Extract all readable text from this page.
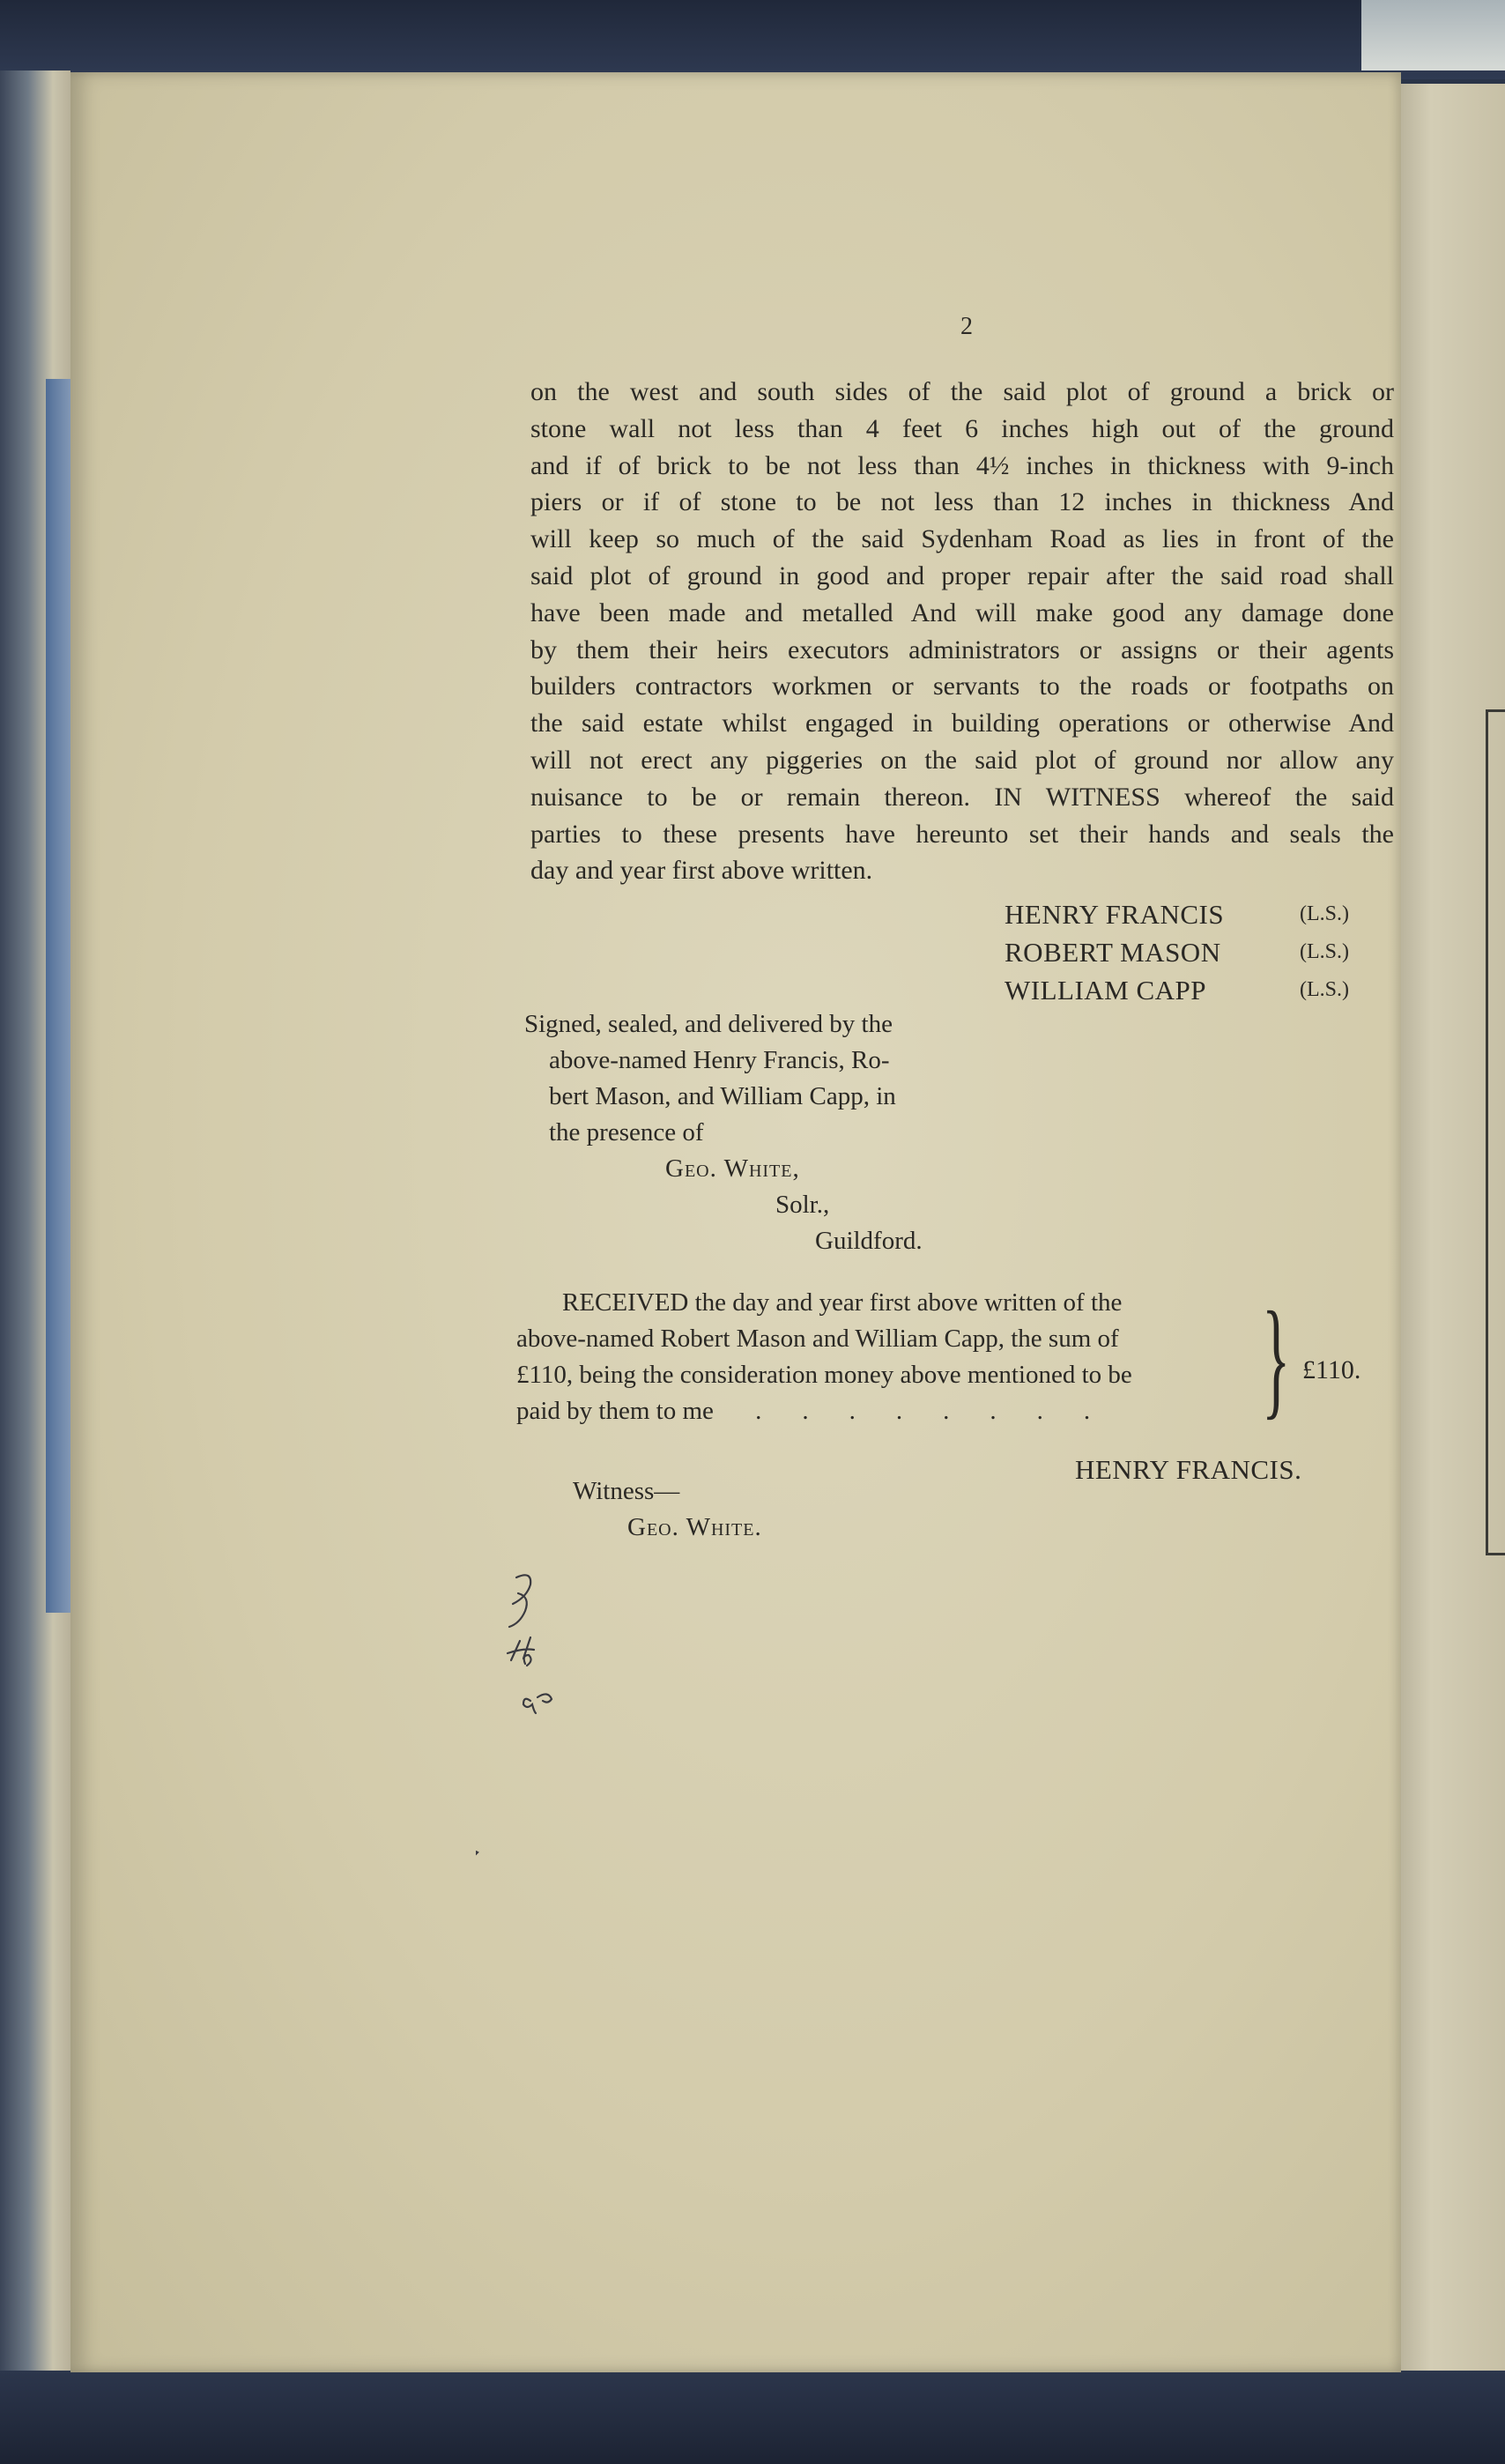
2
on the west and south sides of the said plot of ground a brick or
stone wall not less than 4 feet 6 inches high out of the ground
and if of brick to be not less than 4½ inches in thickness with 9-inch
piers or if of stone to be not less than 12 inches in thickness And
will keep so much of the said Sydenham Road as lies in front of the
said plot of ground in good and proper repair after the said road shall
have been made and metalled And will make good any damage done
by them their heirs executors administrators or assigns or their agents
builders contractors workmen or servants to the roads or footpaths on
the said estate whilst engaged in building operations or otherwise And
will not erect any piggeries on the said plot of ground nor allow any
nuisance to be or remain thereon. IN WITNESS whereof the said
parties to these presents have hereunto set their hands and seals the
day and year first above written.
HENRY FRANCIS	(L.S.)
ROBERT MASON	(L.S.)
WILLIAM CAPP	(L.S.)
Signed, sealed, and delivered by the
above-named Henry Francis, Ro-
bert Mason, and William Capp, in
the presence of
Geo. White,
Solr.,
Guildford.
RECEIVED the day and year first above written of the
above-named Robert Mason and William Capp, the sum of
£110, being the consideration money above mentioned to be
paid by them to me ........ } £110.
HENRY FRANCIS.
Witness—
Geo. White.
